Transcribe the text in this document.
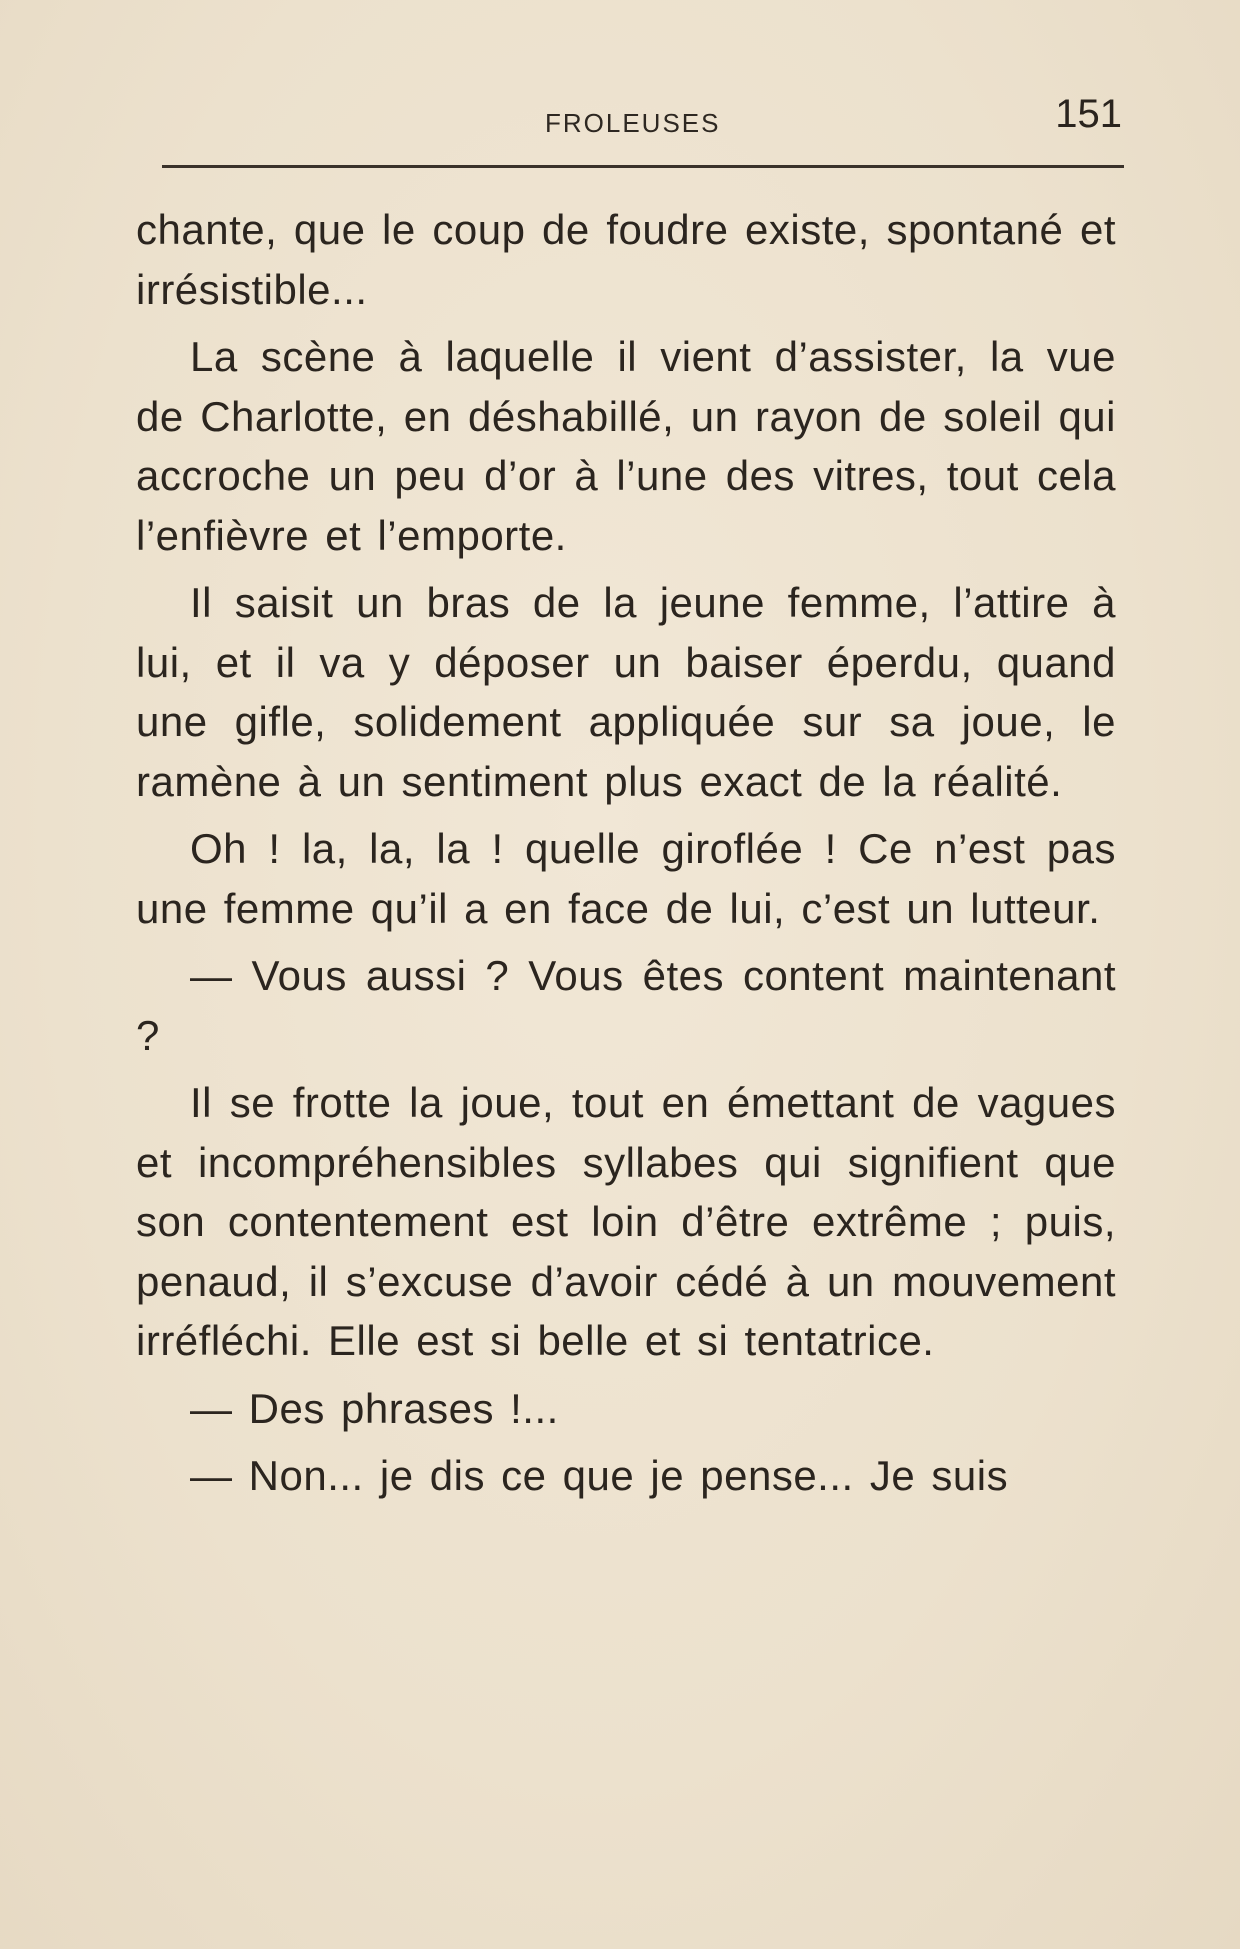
FROLEUSES	151

chante, que le coup de foudre existe, spontané et irrésistible...

La scène à laquelle il vient d’assister, la vue de Charlotte, en déshabillé, un rayon de soleil qui accroche un peu d’or à l’une des vitres, tout cela l’enfièvre et l’emporte.

Il saisit un bras de la jeune femme, l’attire à lui, et il va y déposer un baiser éperdu, quand une gifle, solidement appliquée sur sa joue, le ramène à un sentiment plus exact de la réalité.

Oh ! la, la, la ! quelle giroflée ! Ce n’est pas une femme qu’il a en face de lui, c’est un lutteur.

— Vous aussi ? Vous êtes content maintenant ?

Il se frotte la joue, tout en émettant de vagues et incompréhensibles syllabes qui signifient que son contentement est loin d’être extrême ; puis, penaud, il s’excuse d’avoir cédé à un mouvement irréfléchi. Elle est si belle et si tentatrice.

— Des phrases !...

— Non... je dis ce que je pense... Je suis
